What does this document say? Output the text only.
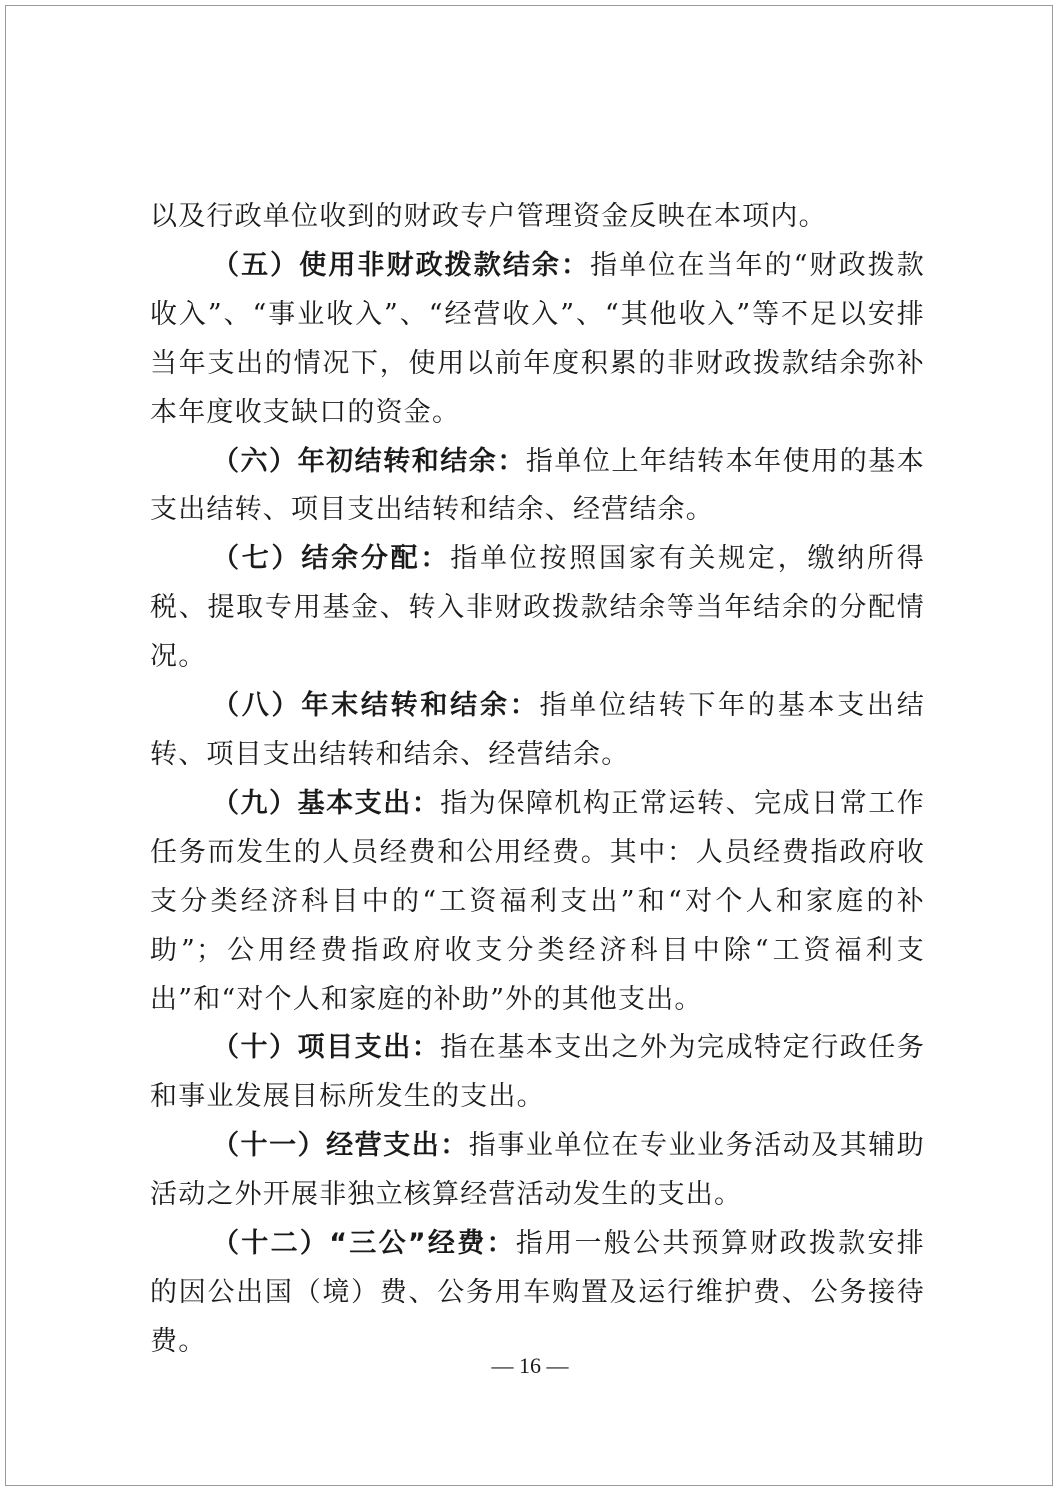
以及行政单位收到的财政专户管理资金反映在本项内。

（五）使用非财政拨款结余：指单位在当年的“财政拨款收入”、“事业收入”、“经营收入”、“其他收入”等不足以安排当年支出的情况下，使用以前年度积累的非财政拨款结余弥补本年度收支缺口的资金。

（六）年初结转和结余：指单位上年结转本年使用的基本支出结转、项目支出结转和结余、经营结余。

（七）结余分配：指单位按照国家有关规定，缴纳所得税、提取专用基金、转入非财政拨款结余等当年结余的分配情况。

（八）年末结转和结余：指单位结转下年的基本支出结转、项目支出结转和结余、经营结余。

（九）基本支出：指为保障机构正常运转、完成日常工作任务而发生的人员经费和公用经费。其中：人员经费指政府收支分类经济科目中的“工资福利支出”和“对个人和家庭的补助”；公用经费指政府收支分类经济科目中除“工资福利支出”和“对个人和家庭的补助”外的其他支出。

（十）项目支出：指在基本支出之外为完成特定行政任务和事业发展目标所发生的支出。

（十一）经营支出：指事业单位在专业业务活动及其辅助活动之外开展非独立核算经营活动发生的支出。

（十二）“三公”经费：指用一般公共预算财政拨款安排的因公出国（境）费、公务用车购置及运行维护费、公务接待费。

— 16 —
